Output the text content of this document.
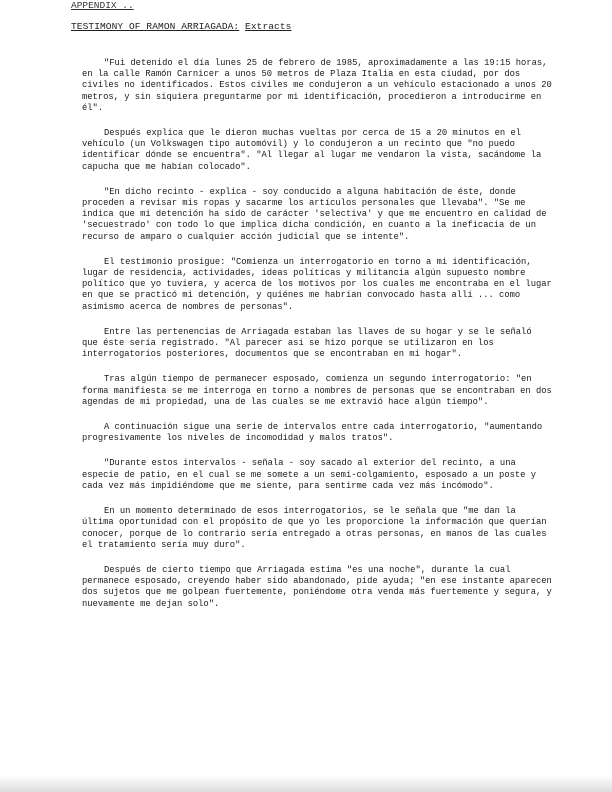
APPENDIX ..
TESTIMONY OF RAMON ARRIAGADA: Extracts

"Fui detenido el día lunes 25 de febrero de 1985, aproximadamente a las 19:15 horas, en la calle Ramón Carnicer a unos 50 metros de Plaza Italia en esta ciudad, por dos civiles no identificados. Estos civiles me condujeron a un vehículo estacionado a unos 20 metros, y sin siquiera preguntarme por mi identificación, procedieron a introducirme en él".

Después explica que le dieron muchas vueltas por cerca de 15 a 20 minutos en el vehículo (un Volkswagen tipo automóvil) y lo condujeron a un recinto que "no puedo identificar dónde se encuentra". "Al llegar al lugar me vendaron la vista, sacándome la capucha que me habían colocado".

"En dicho recinto - explica - soy conducido a alguna habitación de éste, donde proceden a revisar mis ropas y sacarme los artículos personales que llevaba". "Se me indica que mi detención ha sido de carácter 'selectiva' y que me encuentro en calidad de 'secuestrado' con todo lo que implica dicha condición, en cuanto a la ineficacia de un recurso de amparo o cualquier acción judicial que se intente".

El testimonio prosigue: "Comienza un interrogatorio en torno a mi identificación, lugar de residencia, actividades, ideas políticas y militancia algún supuesto nombre político que yo tuviera, y acerca de los motivos por los cuales me encontraba en el lugar en que se practicó mi detención, y quiénes me habrían convocado hasta allí ... como asimismo acerca de nombres de personas".

Entre las pertenencias de Arriagada estaban las llaves de su hogar y se le señaló que éste sería registrado. "Al parecer así se hizo porque se utilizaron en los interrogatorios posteriores, documentos que se encontraban en mi hogar".

Tras algún tiempo de permanecer esposado, comienza un segundo interrogatorio: "en forma manifiesta se me interroga en torno a nombres de personas que se encontraban en dos agendas de mi propiedad, una de las cuales se me extravió hace algún tiempo".

A continuación sigue una serie de intervalos entre cada interrogatorio, "aumentando progresivamente los niveles de incomodidad y malos tratos".

"Durante estos intervalos - señala - soy sacado al exterior del recinto, a una especie de patio, en el cual se me somete a un semi-colgamiento, esposado a un poste y cada vez más impidiéndome que me siente, para sentirme cada vez más incómodo".

En un momento determinado de esos interrogatorios, se le señala que "me dan la última oportunidad con el propósito de que yo les proporcione la información que querían conocer, porque de lo contrario sería entregado a otras personas, en manos de las cuales el tratamiento sería muy duro".

Después de cierto tiempo que Arriagada estima "es una noche", durante la cual permanece esposado, creyendo haber sido abandonado, pide ayuda; "en ese instante aparecen dos sujetos que me golpean fuertemente, poniéndome otra venda más fuertemente y segura, y nuevamente me dejan solo".
